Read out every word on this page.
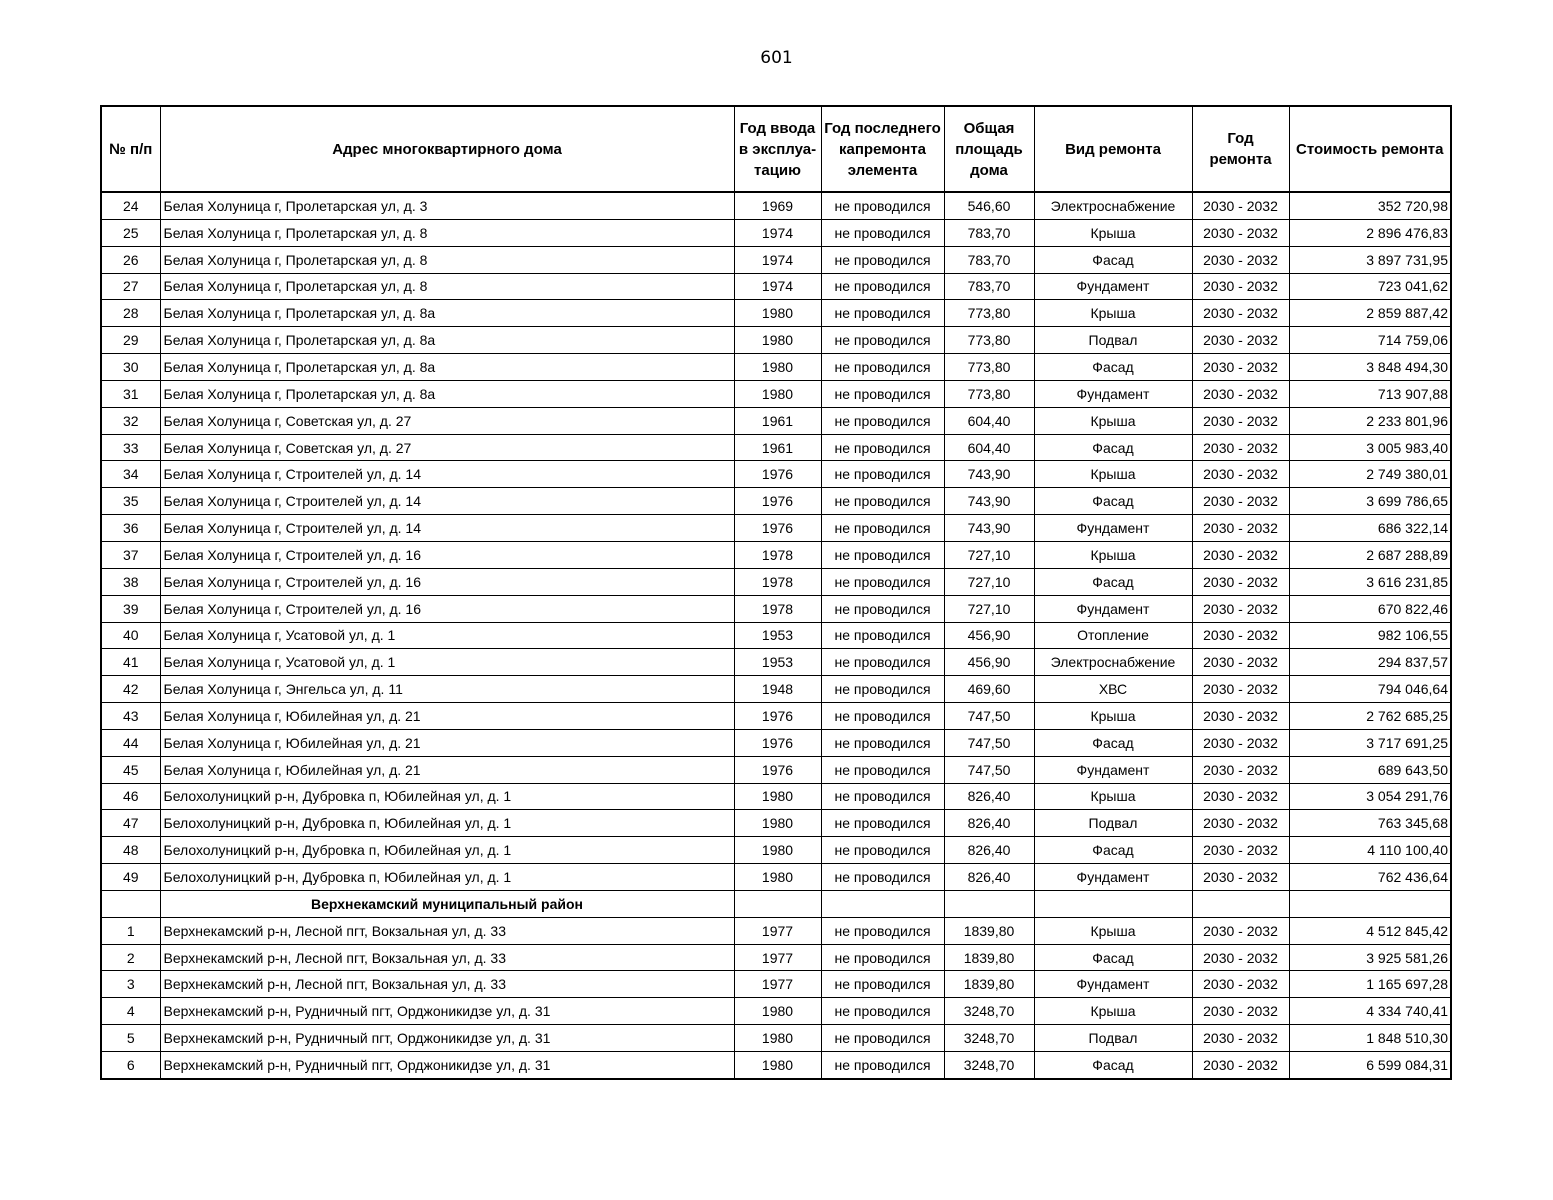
601
№ п/п	Адрес многоквартирного дома	Год ввода в эксплуа-тацию	Год последнего капремонта элемента	Общая площадь дома	Вид ремонта	Год ремонта	Стоимость ремонта
24	Белая Холуница г, Пролетарская ул, д. 3	1969	не проводился	546,60	Электроснабжение	2030 - 2032	352 720,98
25	Белая Холуница г, Пролетарская ул, д. 8	1974	не проводился	783,70	Крыша	2030 - 2032	2 896 476,83
26	Белая Холуница г, Пролетарская ул, д. 8	1974	не проводился	783,70	Фасад	2030 - 2032	3 897 731,95
27	Белая Холуница г, Пролетарская ул, д. 8	1974	не проводился	783,70	Фундамент	2030 - 2032	723 041,62
28	Белая Холуница г, Пролетарская ул, д. 8а	1980	не проводился	773,80	Крыша	2030 - 2032	2 859 887,42
29	Белая Холуница г, Пролетарская ул, д. 8а	1980	не проводился	773,80	Подвал	2030 - 2032	714 759,06
30	Белая Холуница г, Пролетарская ул, д. 8а	1980	не проводился	773,80	Фасад	2030 - 2032	3 848 494,30
31	Белая Холуница г, Пролетарская ул, д. 8а	1980	не проводился	773,80	Фундамент	2030 - 2032	713 907,88
32	Белая Холуница г, Советская ул, д. 27	1961	не проводился	604,40	Крыша	2030 - 2032	2 233 801,96
33	Белая Холуница г, Советская ул, д. 27	1961	не проводился	604,40	Фасад	2030 - 2032	3 005 983,40
34	Белая Холуница г, Строителей ул, д. 14	1976	не проводился	743,90	Крыша	2030 - 2032	2 749 380,01
35	Белая Холуница г, Строителей ул, д. 14	1976	не проводился	743,90	Фасад	2030 - 2032	3 699 786,65
36	Белая Холуница г, Строителей ул, д. 14	1976	не проводился	743,90	Фундамент	2030 - 2032	686 322,14
37	Белая Холуница г, Строителей ул, д. 16	1978	не проводился	727,10	Крыша	2030 - 2032	2 687 288,89
38	Белая Холуница г, Строителей ул, д. 16	1978	не проводился	727,10	Фасад	2030 - 2032	3 616 231,85
39	Белая Холуница г, Строителей ул, д. 16	1978	не проводился	727,10	Фундамент	2030 - 2032	670 822,46
40	Белая Холуница г, Усатовой ул, д. 1	1953	не проводился	456,90	Отопление	2030 - 2032	982 106,55
41	Белая Холуница г, Усатовой ул, д. 1	1953	не проводился	456,90	Электроснабжение	2030 - 2032	294 837,57
42	Белая Холуница г, Энгельса ул, д. 11	1948	не проводился	469,60	ХВС	2030 - 2032	794 046,64
43	Белая Холуница г, Юбилейная ул, д. 21	1976	не проводился	747,50	Крыша	2030 - 2032	2 762 685,25
44	Белая Холуница г, Юбилейная ул, д. 21	1976	не проводился	747,50	Фасад	2030 - 2032	3 717 691,25
45	Белая Холуница г, Юбилейная ул, д. 21	1976	не проводился	747,50	Фундамент	2030 - 2032	689 643,50
46	Белохолуницкий р-н, Дубровка п, Юбилейная ул, д. 1	1980	не проводился	826,40	Крыша	2030 - 2032	3 054 291,76
47	Белохолуницкий р-н, Дубровка п, Юбилейная ул, д. 1	1980	не проводился	826,40	Подвал	2030 - 2032	763 345,68
48	Белохолуницкий р-н, Дубровка п, Юбилейная ул, д. 1	1980	не проводился	826,40	Фасад	2030 - 2032	4 110 100,40
49	Белохолуницкий р-н, Дубровка п, Юбилейная ул, д. 1	1980	не проводился	826,40	Фундамент	2030 - 2032	762 436,64
	Верхнекамский муниципальный район						
1	Верхнекамский р-н, Лесной пгт, Вокзальная ул, д. 33	1977	не проводился	1839,80	Крыша	2030 - 2032	4 512 845,42
2	Верхнекамский р-н, Лесной пгт, Вокзальная ул, д. 33	1977	не проводился	1839,80	Фасад	2030 - 2032	3 925 581,26
3	Верхнекамский р-н, Лесной пгт, Вокзальная ул, д. 33	1977	не проводился	1839,80	Фундамент	2030 - 2032	1 165 697,28
4	Верхнекамский р-н, Рудничный пгт, Орджоникидзе ул, д. 31	1980	не проводился	3248,70	Крыша	2030 - 2032	4 334 740,41
5	Верхнекамский р-н, Рудничный пгт, Орджоникидзе ул, д. 31	1980	не проводился	3248,70	Подвал	2030 - 2032	1 848 510,30
6	Верхнекамский р-н, Рудничный пгт, Орджоникидзе ул, д. 31	1980	не проводился	3248,70	Фасад	2030 - 2032	6 599 084,31
